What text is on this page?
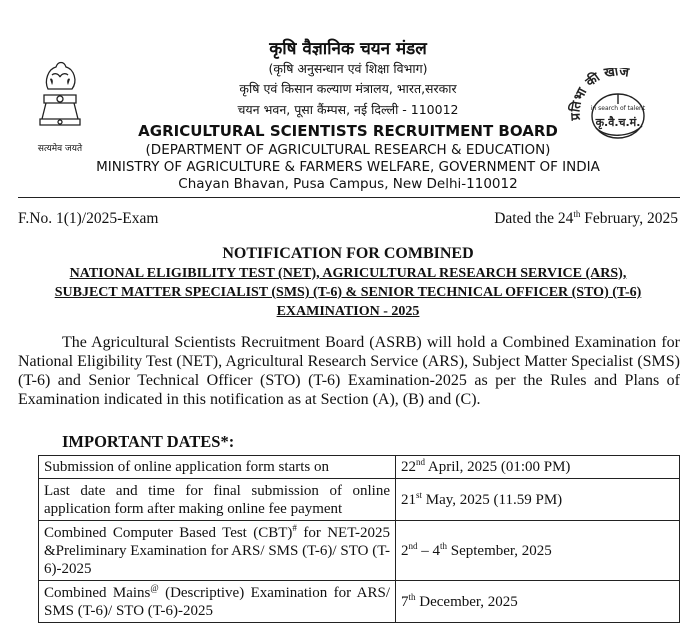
सत्यमेव जयते
प्रतिभा की खोज
in search of talent
कृ.वै.च.मं.
कृषि वैज्ञानिक चयन मंडल
(कृषि अनुसन्धान एवं शिक्षा विभाग)
कृषि एवं किसान कल्याण मंत्रालय, भारत,सरकार
चयन भवन, पूसा कैंम्पस, नई दिल्ली - 110012
AGRICULTURAL SCIENTISTS RECRUITMENT BOARD
(DEPARTMENT OF AGRICULTURAL RESEARCH & EDUCATION)
MINISTRY OF AGRICULTURE & FARMERS WELFARE, GOVERNMENT OF INDIA
Chayan Bhavan, Pusa Campus, New Delhi-110012
F.No. 1(1)/2025-Exam	Dated the 24th February, 2025
NOTIFICATION FOR COMBINED
NATIONAL ELIGIBILITY TEST (NET), AGRICULTURAL RESEARCH SERVICE (ARS),
SUBJECT MATTER SPECIALIST (SMS) (T-6) & SENIOR TECHNICAL OFFICER (STO) (T-6)
EXAMINATION - 2025
The Agricultural Scientists Recruitment Board (ASRB) will hold a Combined Examination for National Eligibility Test (NET), Agricultural Research Service (ARS), Subject Matter Specialist (SMS) (T-6) and Senior Technical Officer (STO) (T-6) Examination-2025 as per the Rules and Plans of Examination indicated in this notification as at Section (A), (B) and (C).
IMPORTANT DATES*:
Submission of online application form starts on	22nd April, 2025 (01:00 PM)
Last date and time for final submission of online application form after making online fee payment	21st May, 2025 (11.59 PM)
Combined Computer Based Test (CBT)# for NET-2025 &Preliminary Examination for ARS/ SMS (T-6)/ STO (T-6)-2025	2nd – 4th September, 2025
Combined Mains@ (Descriptive) Examination for ARS/ SMS (T-6)/ STO (T-6)-2025	7th December, 2025
